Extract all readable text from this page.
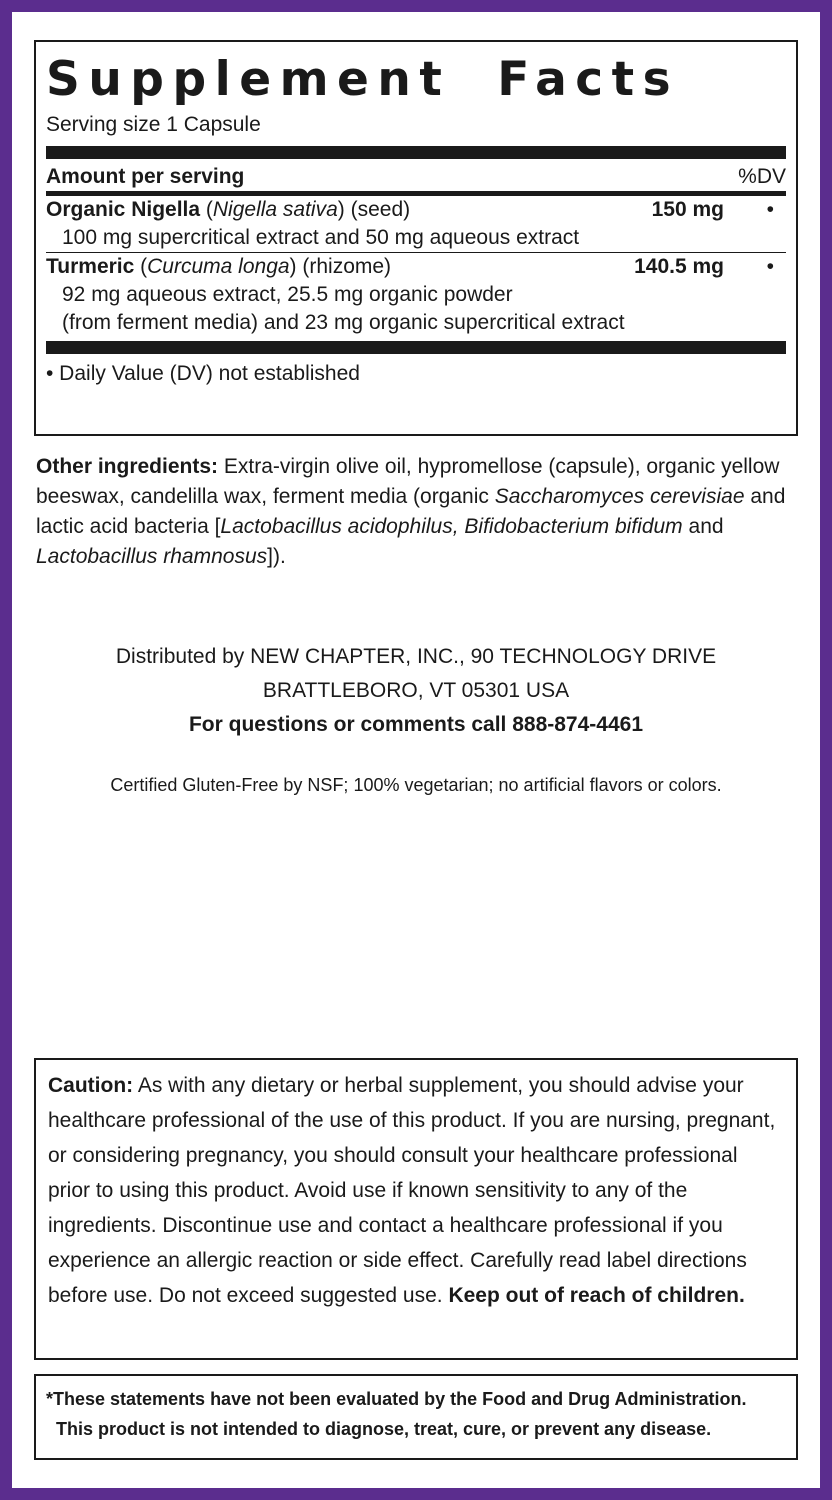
Supplement Facts
Serving size 1 Capsule
Amount per serving	%DV
Organic Nigella (Nigella sativa) (seed)	150 mg	•
100 mg supercritical extract and 50 mg aqueous extract
Turmeric (Curcuma longa) (rhizome)	140.5 mg	•
92 mg aqueous extract, 25.5 mg organic powder
(from ferment media) and 23 mg organic supercritical extract
• Daily Value (DV) not established
Other ingredients: Extra-virgin olive oil, hypromellose (capsule), organic yellow beeswax, candelilla wax, ferment media (organic Saccharomyces cerevisiae and lactic acid bacteria [Lactobacillus acidophilus, Bifidobacterium bifidum and Lactobacillus rhamnosus]).
Distributed by NEW CHAPTER, INC., 90 TECHNOLOGY DRIVE
BRATTLEBORO, VT 05301 USA
For questions or comments call 888-874-4461
Certified Gluten-Free by NSF; 100% vegetarian; no artificial flavors or colors.
Caution: As with any dietary or herbal supplement, you should advise your healthcare professional of the use of this product. If you are nursing, pregnant, or considering pregnancy, you should consult your healthcare professional prior to using this product. Avoid use if known sensitivity to any of the ingredients. Discontinue use and contact a healthcare professional if you experience an allergic reaction or side effect. Carefully read label directions before use. Do not exceed suggested use. Keep out of reach of children.
*These statements have not been evaluated by the Food and Drug Administration.
This product is not intended to diagnose, treat, cure, or prevent any disease.
